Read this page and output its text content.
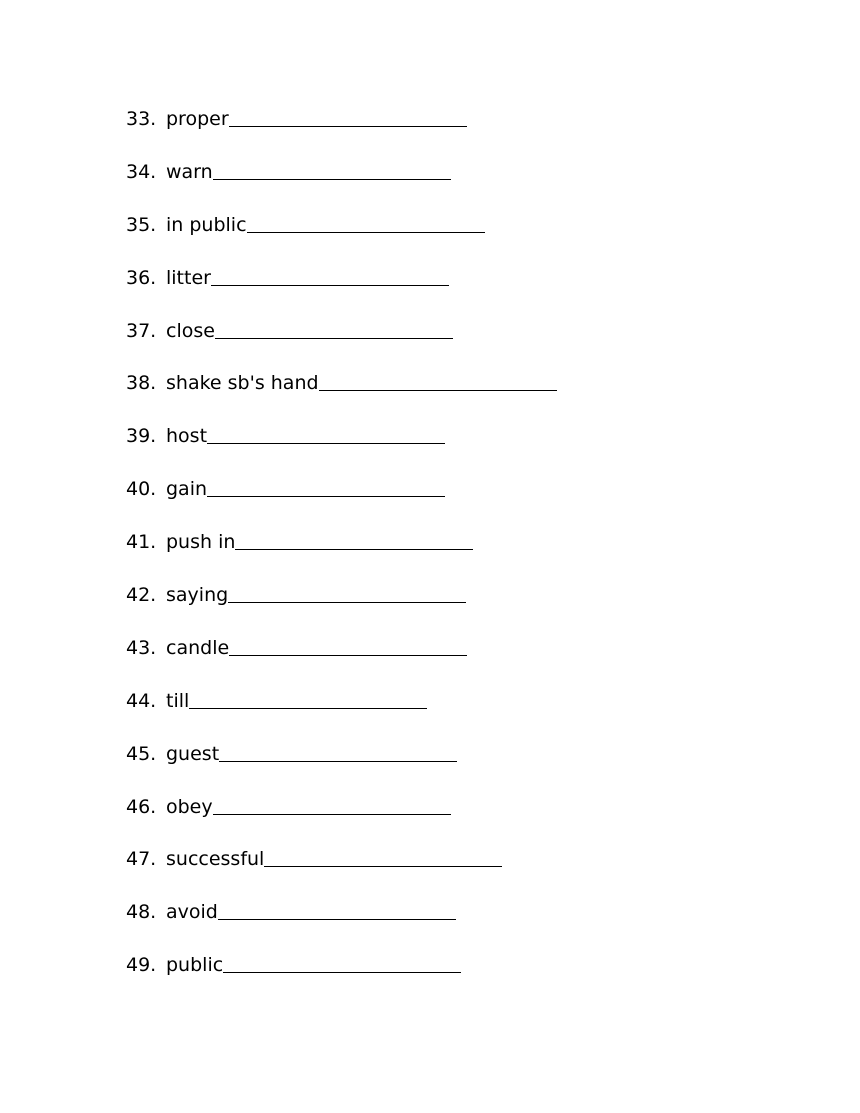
33. proper
34. warn
35. in public
36. litter
37. close
38. shake sb's hand
39. host
40. gain
41. push in
42. saying
43. candle
44. till
45. guest
46. obey
47. successful
48. avoid
49. public
